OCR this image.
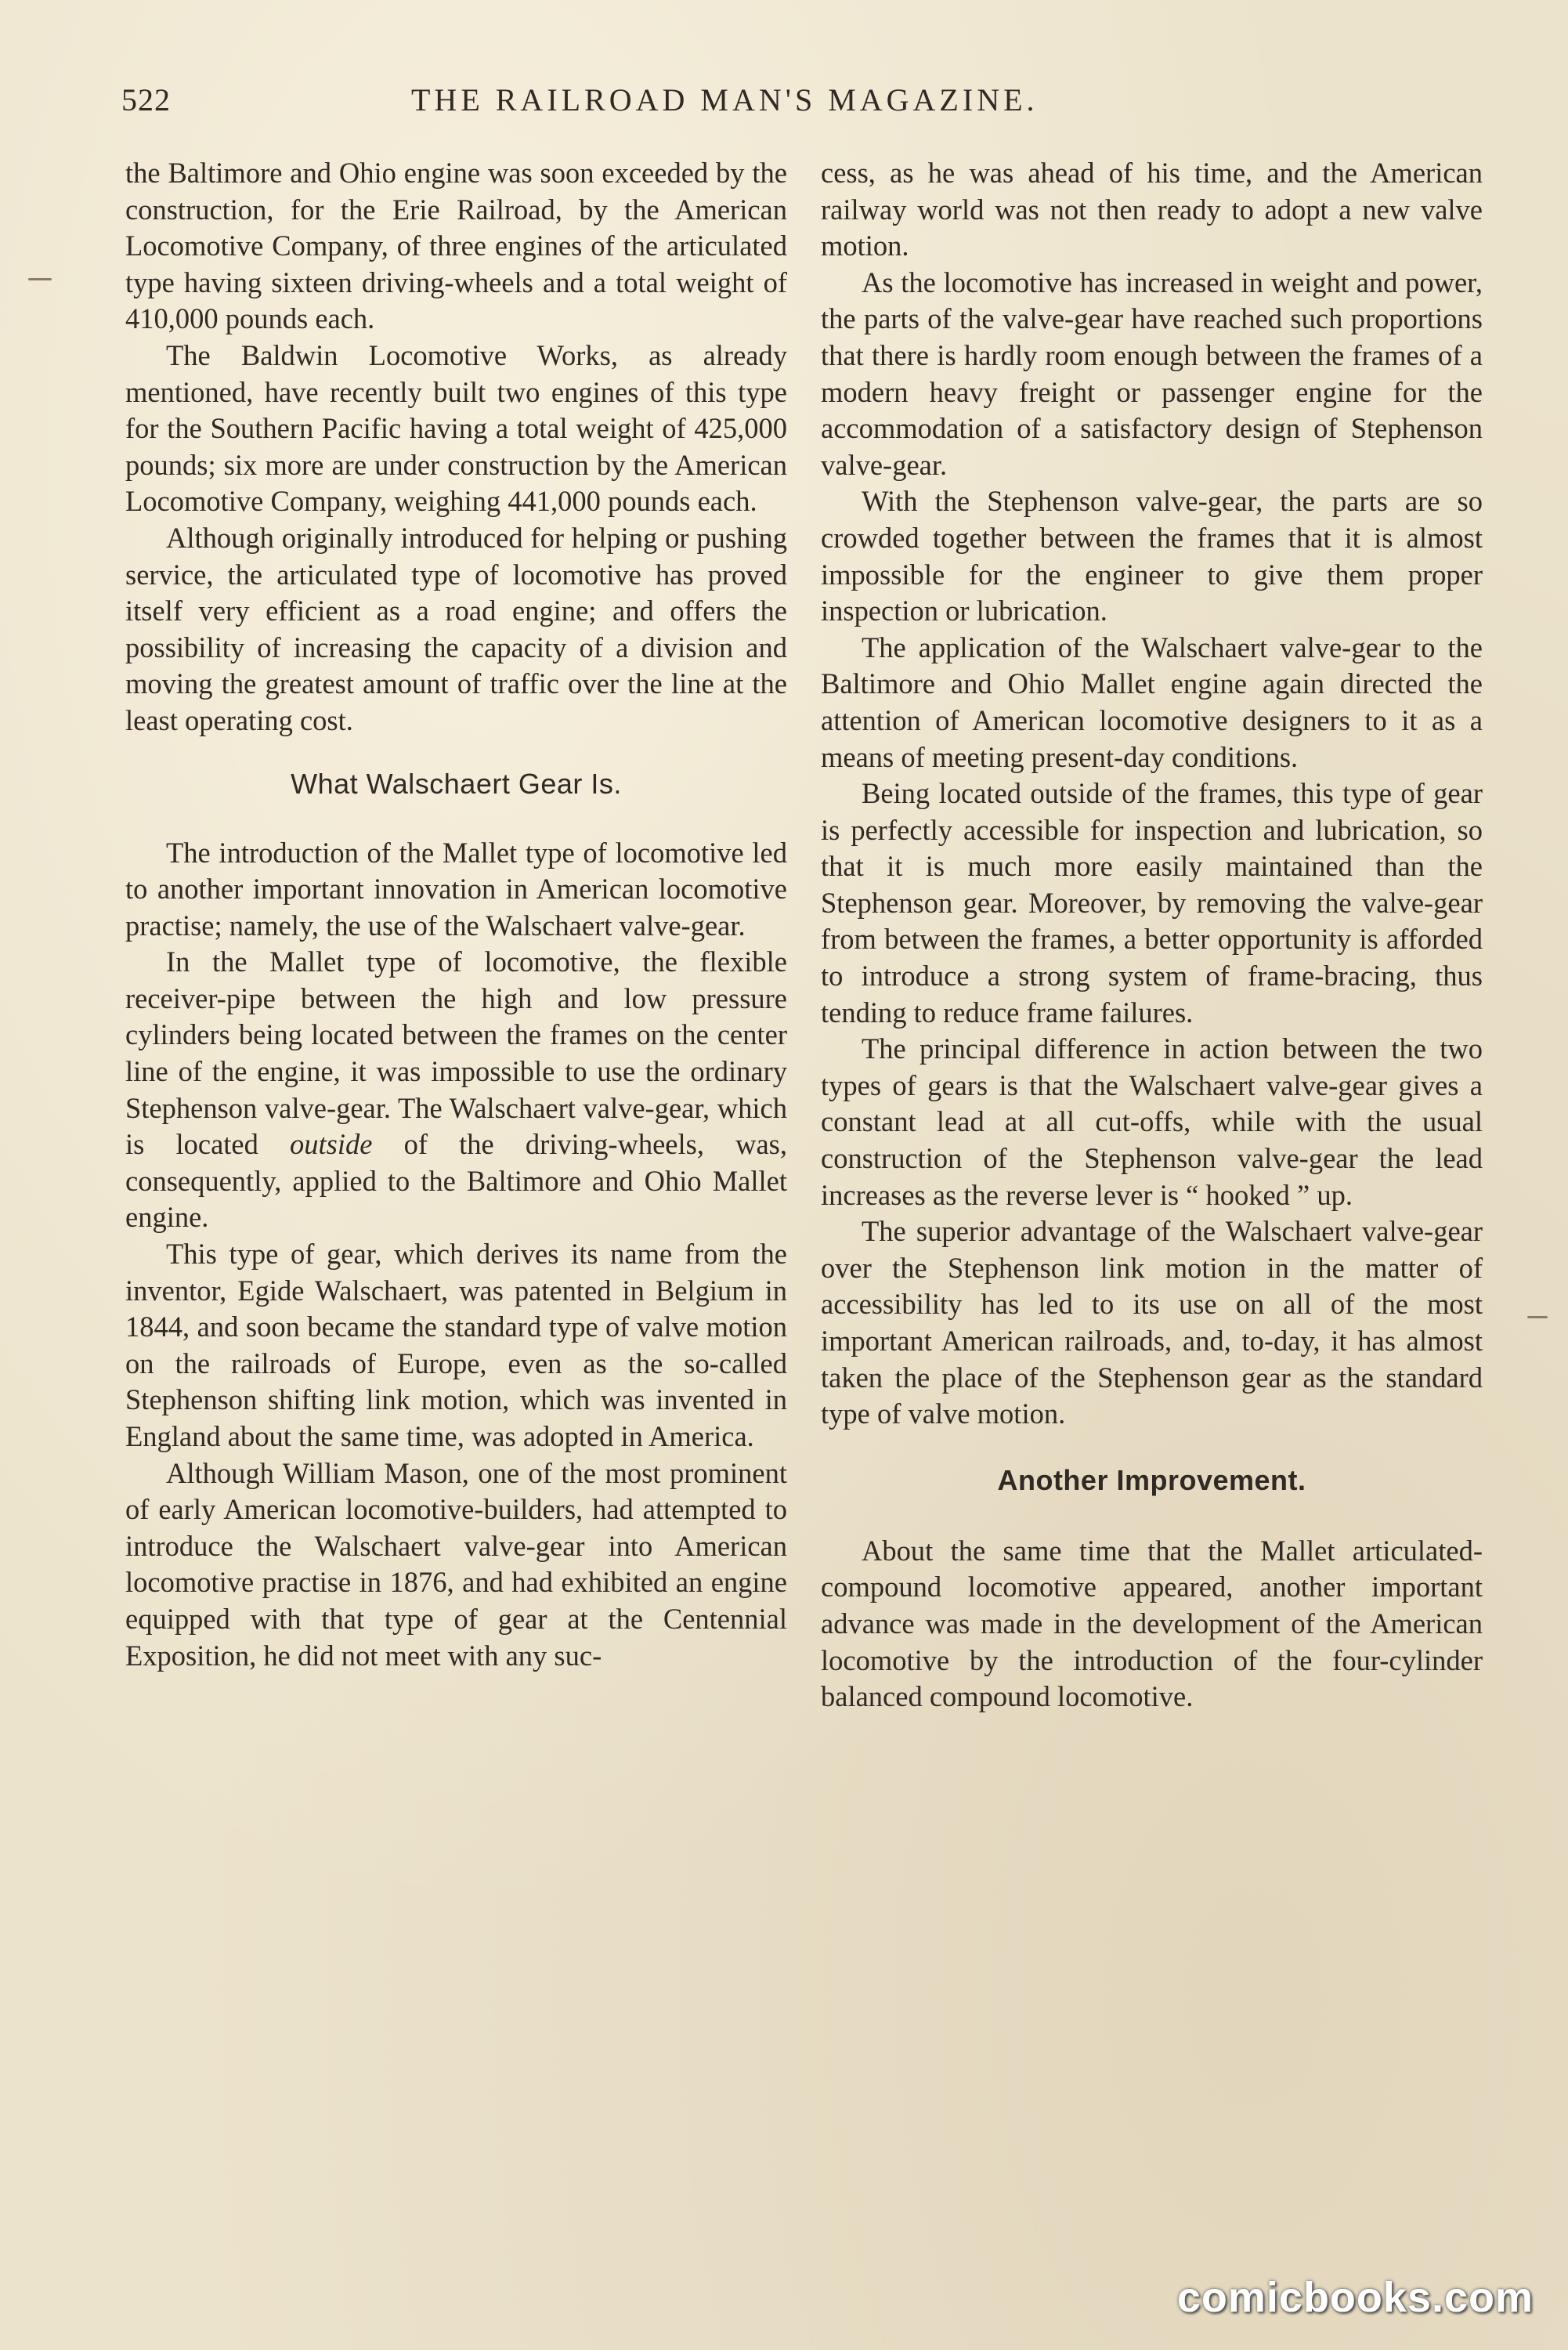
522	THE RAILROAD MAN'S MAGAZINE.

the Baltimore and Ohio engine was soon exceeded by the construction, for the Erie Railroad, by the American Locomotive Company, of three engines of the articulated type having sixteen driving-wheels and a total weight of 410,000 pounds each.

The Baldwin Locomotive Works, as already mentioned, have recently built two engines of this type for the Southern Pacific having a total weight of 425,000 pounds; six more are under construction by the American Locomotive Company, weighing 441,000 pounds each.

Although originally introduced for helping or pushing service, the articulated type of locomotive has proved itself very efficient as a road engine; and offers the possibility of increasing the capacity of a division and moving the greatest amount of traffic over the line at the least operating cost.

What Walschaert Gear Is.

The introduction of the Mallet type of locomotive led to another important innovation in American locomotive practise; namely, the use of the Walschaert valve-gear.

In the Mallet type of locomotive, the flexible receiver-pipe between the high and low pressure cylinders being located between the frames on the center line of the engine, it was impossible to use the ordinary Stephenson valve-gear. The Walschaert valve-gear, which is located outside of the driving-wheels, was, consequently, applied to the Baltimore and Ohio Mallet engine.

This type of gear, which derives its name from the inventor, Egide Walschaert, was patented in Belgium in 1844, and soon became the standard type of valve motion on the railroads of Europe, even as the so-called Stephenson shifting link motion, which was invented in England about the same time, was adopted in America.

Although William Mason, one of the most prominent of early American locomotive-builders, had attempted to introduce the Walschaert valve-gear into American locomotive practise in 1876, and had exhibited an engine equipped with that type of gear at the Centennial Exposition, he did not meet with any suc-

cess, as he was ahead of his time, and the American railway world was not then ready to adopt a new valve motion.

As the locomotive has increased in weight and power, the parts of the valve-gear have reached such proportions that there is hardly room enough between the frames of a modern heavy freight or passenger engine for the accommodation of a satisfactory design of Stephenson valve-gear.

With the Stephenson valve-gear, the parts are so crowded together between the frames that it is almost impossible for the engineer to give them proper inspection or lubrication.

The application of the Walschaert valve-gear to the Baltimore and Ohio Mallet engine again directed the attention of American locomotive designers to it as a means of meeting present-day conditions.

Being located outside of the frames, this type of gear is perfectly accessible for inspection and lubrication, so that it is much more easily maintained than the Stephenson gear. Moreover, by removing the valve-gear from between the frames, a better opportunity is afforded to introduce a strong system of frame-bracing, thus tending to reduce frame failures.

The principal difference in action between the two types of gears is that the Walschaert valve-gear gives a constant lead at all cut-offs, while with the usual construction of the Stephenson valve-gear the lead increases as the reverse lever is “ hooked ” up.

The superior advantage of the Walschaert valve-gear over the Stephenson link motion in the matter of accessibility has led to its use on all of the most important American railroads, and, to-day, it has almost taken the place of the Stephenson gear as the standard type of valve motion.

Another Improvement.

About the same time that the Mallet articulated-compound locomotive appeared, another important advance was made in the development of the American locomotive by the introduction of the four-cylinder balanced compound locomotive.

comicbooks.com
